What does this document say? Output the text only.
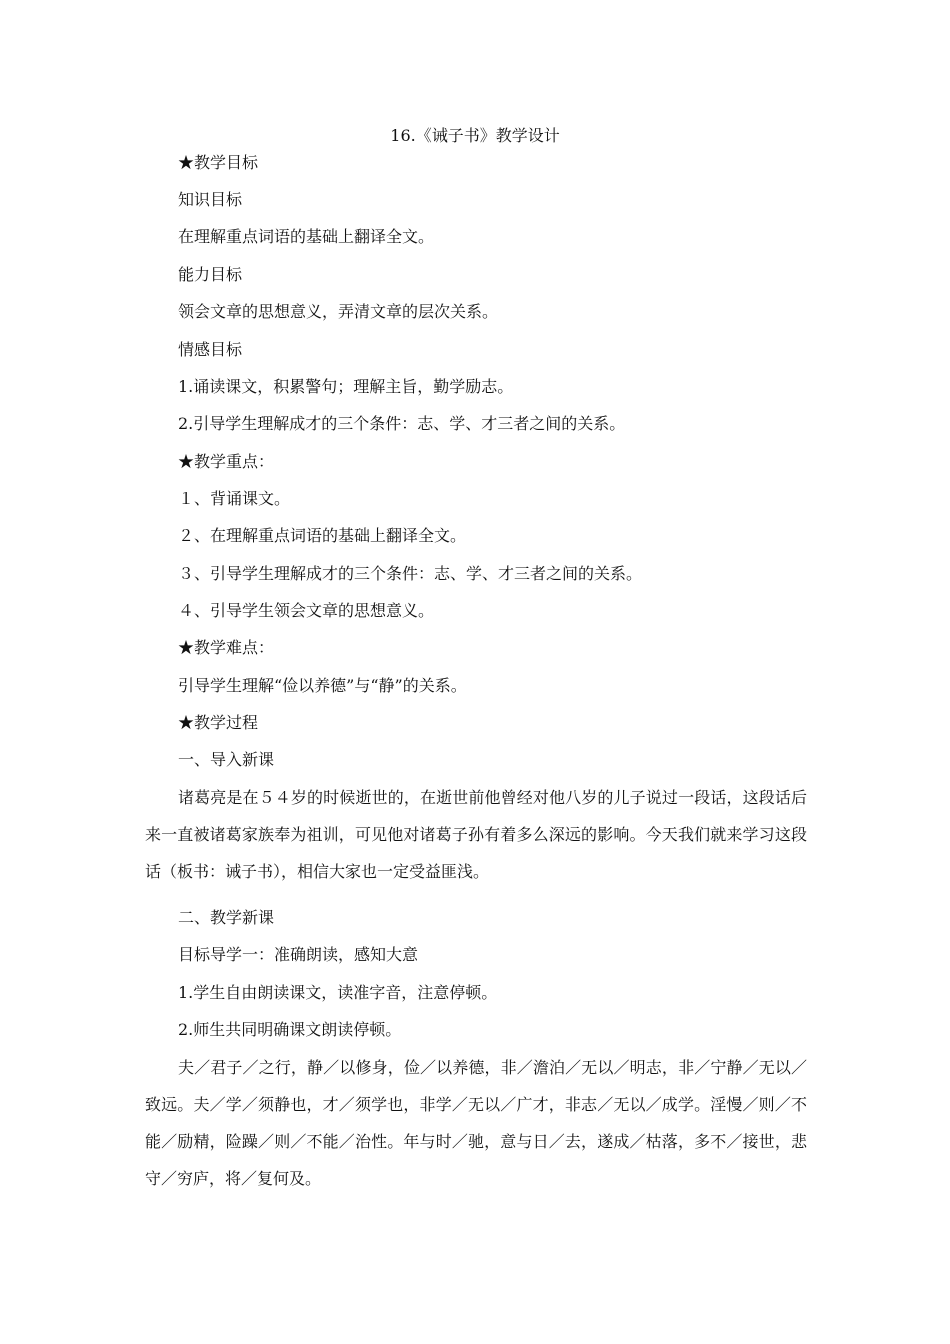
16.《诫子书》教学设计
★教学目标
知识目标
在理解重点词语的基础上翻译全文。
能力目标
领会文章的思想意义，弄清文章的层次关系。
情感目标
1.诵读课文，积累警句；理解主旨，勤学励志。
2.引导学生理解成才的三个条件：志、学、才三者之间的关系。
★教学重点：
１、背诵课文。
２、在理解重点词语的基础上翻译全文。
３、引导学生理解成才的三个条件：志、学、才三者之间的关系。
４、引导学生领会文章的思想意义。
★教学难点：
引导学生理解“俭以养德”与“静”的关系。
★教学过程
一、导入新课

诸葛亮是在５４岁的时候逝世的，在逝世前他曾经对他八岁的儿子说过一段话，这段话后来一直被诸葛家族奉为祖训，可见他对诸葛子孙有着多么深远的影响。今天我们就来学习这段话（板书：诫子书），相信大家也一定受益匪浅。

二、教学新课
目标导学一：准确朗读，感知大意
1.学生自由朗读课文，读准字音，注意停顿。
2.师生共同明确课文朗读停顿。

夫／君子／之行，静／以修身，俭／以养德，非／澹泊／无以／明志，非／宁静／无以／致远。夫／学／须静也，才／须学也，非学／无以／广才，非志／无以／成学。淫慢／则／不能／励精，险躁／则／不能／治性。年与时／驰，意与日／去，遂成／枯落，多不／接世，悲守／穷庐，将／复何及。
